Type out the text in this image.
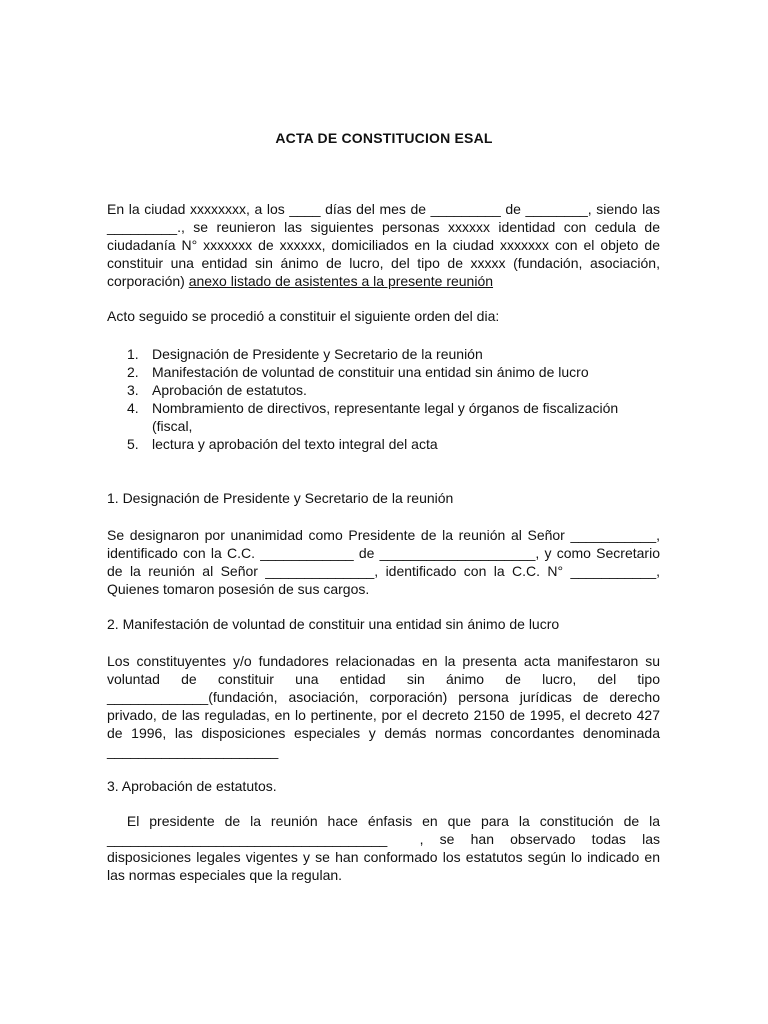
ACTA DE CONSTITUCION ESAL

En la ciudad xxxxxxxx, a los ____ días del mes de _________ de ________, siendo las _________., se reunieron las siguientes personas xxxxxx identidad con cedula de ciudadanía N° xxxxxxx de xxxxxx, domiciliados en la ciudad xxxxxxx con el objeto de constituir una entidad sin ánimo de lucro, del tipo de xxxxx (fundación, asociación, corporación) anexo listado de asistentes a la presente reunión

Acto seguido se procedió a constituir el siguiente orden del dia:

1. Designación de Presidente y Secretario de la reunión
2. Manifestación de voluntad de constituir una entidad sin ánimo de lucro
3. Aprobación de estatutos.
4. Nombramiento de directivos, representante legal y órganos de fiscalización (fiscal,
5. lectura y aprobación del texto integral del acta

1. Designación de Presidente y Secretario de la reunión

Se designaron por unanimidad como Presidente de la reunión al Señor ___________, identificado con la C.C. ____________ de ____________________, y como Secretario de la reunión al Señor ______________, identificado con la C.C. N° ___________, Quienes tomaron posesión de sus cargos.

2. Manifestación de voluntad de constituir una entidad sin ánimo de lucro

Los constituyentes y/o fundadores relacionadas en la presenta acta manifestaron su voluntad de constituir una entidad sin ánimo de lucro, del tipo _____________(fundación, asociación, corporación) persona jurídicas de derecho privado, de las reguladas, en lo pertinente, por el decreto 2150 de 1995, el decreto 427 de 1996, las disposiciones especiales y demás normas concordantes denominada ______________________

3. Aprobación de estatutos.

El presidente de la reunión hace énfasis en que para la constitución de la ____________________________________  , se han observado todas las disposiciones legales vigentes y se han conformado los estatutos según lo indicado en las normas especiales que la regulan.
